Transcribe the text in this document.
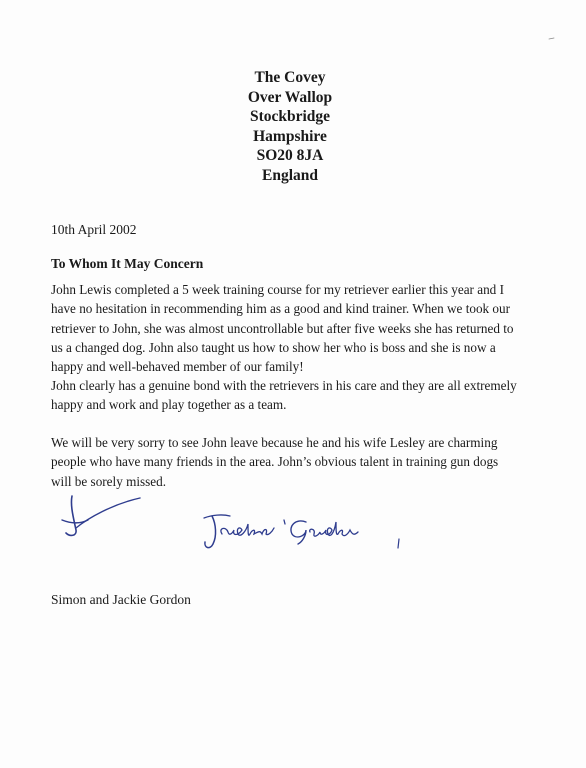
The Covey
Over Wallop
Stockbridge
Hampshire
SO20 8JA
England
10th April 2002
To Whom It May Concern
John Lewis completed a 5 week training course for my retriever earlier this year and I
have no hesitation in recommending him as a good and kind trainer. When we took our
retriever to John, she was almost uncontrollable but after five weeks she has returned to
us a changed dog. John also taught us how to show her who is boss and she is now a
happy and well-behaved member of our family!
John clearly has a genuine bond with the retrievers in his care and they are all extremely
happy and work and play together as a team.
We will be very sorry to see John leave because he and his wife Lesley are charming
people who have many friends in the area. John’s obvious talent in training gun dogs
will be sorely missed.
Simon and Jackie Gordon
